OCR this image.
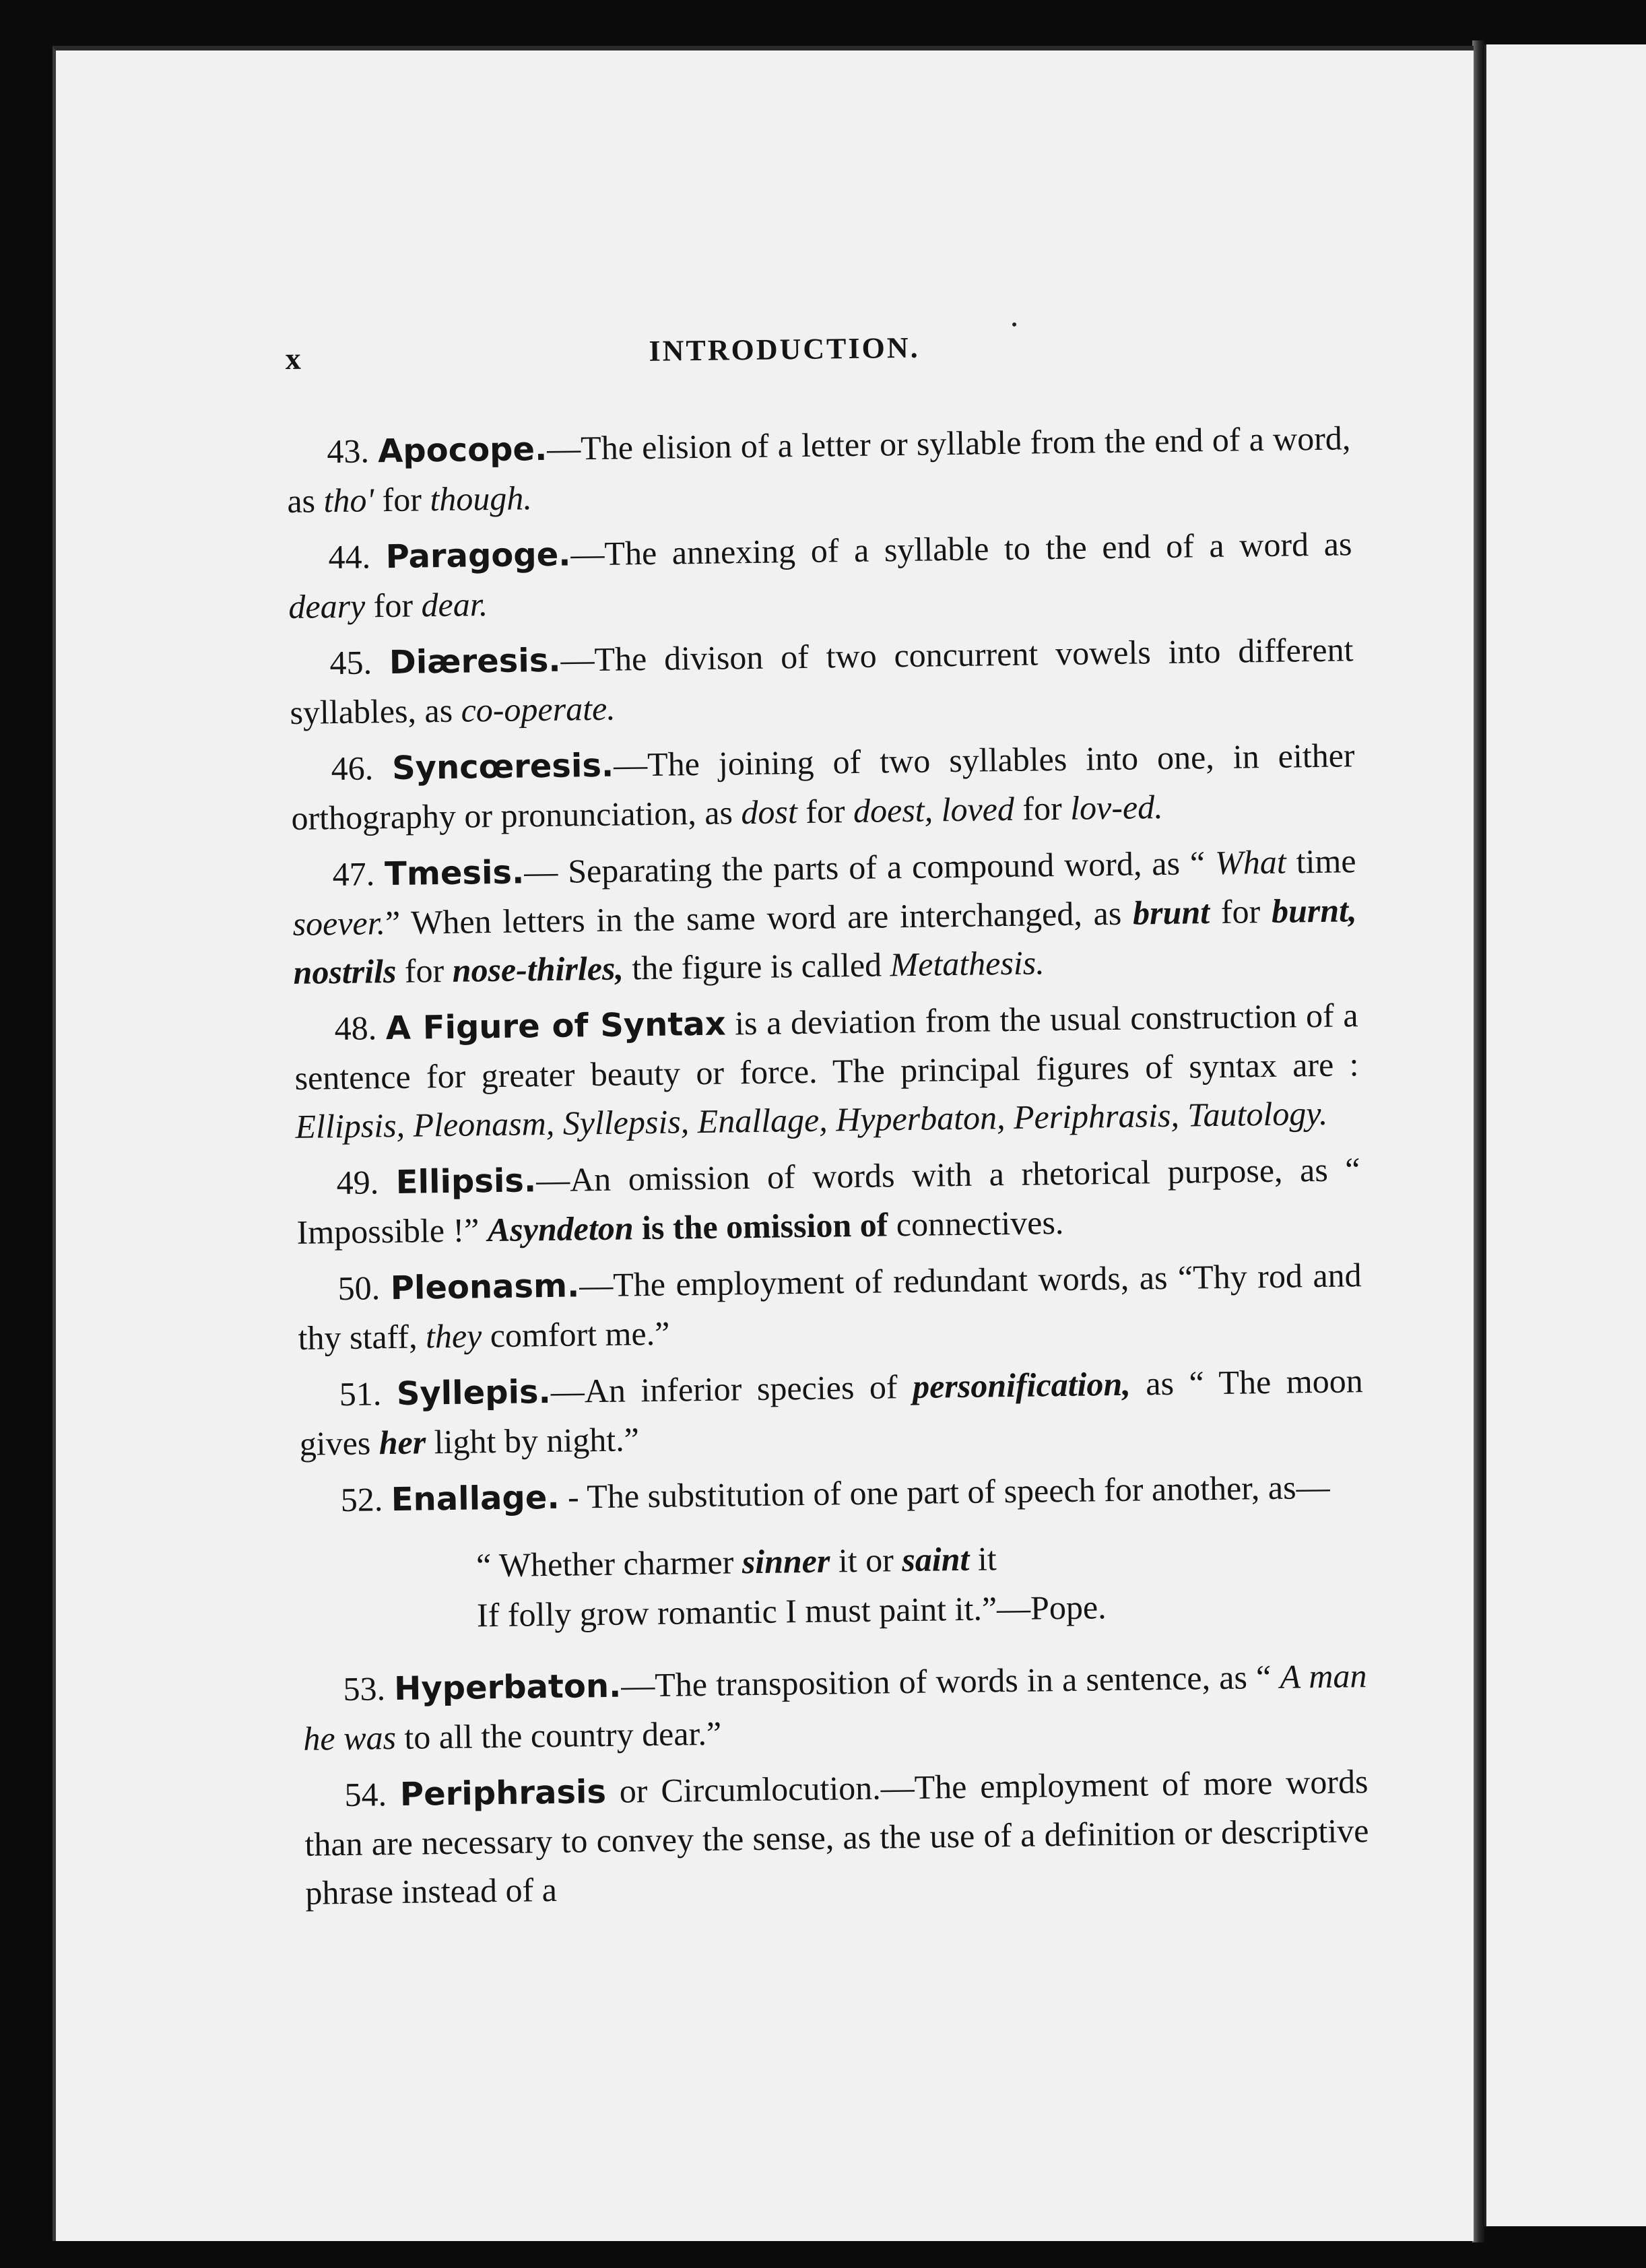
x	INTRODUCTION.

43. Apocope.—The elision of a letter or syllable from the end of a word, as tho' for though.

44. Paragoge.—The annexing of a syllable to the end of a word as deary for dear.

45. Diæresis.—The divison of two concurrent vowels into different syllables, as co-operate.

46. Syncœresis.—The joining of two syllables into one, in either orthography or pronunciation, as dost for doest, loved for lov-ed.

47. Tmesis.— Separating the parts of a compound word, as “ What time soever.” When letters in the same word are interchanged, as brunt for burnt, nostrils for nose-thirles, the figure is called Metathesis.

48. A Figure of Syntax is a deviation from the usual construction of a sentence for greater beauty or force. The principal figures of syntax are : Ellipsis, Pleonasm, Syllepsis, Enallage, Hyperbaton, Periphrasis, Tautology.

49. Ellipsis.—An omission of words with a rhetorical purpose, as “ Impossible !” Asyndeton is the omission of connectives.

50. Pleonasm.—The employment of redundant words, as “Thy rod and thy staff, they comfort me.”

51. Syllepis.—An inferior species of personification, as “ The moon gives her light by night.”

52. Enallage. - The substitution of one part of speech for another, as—

“ Whether charmer sinner it or saint it
If folly grow romantic I must paint it.”—Pope.

53. Hyperbaton.—The transposition of words in a sentence, as “ A man he was to all the country dear.”

54. Periphrasis or Circumlocution.—The employment of more words than are necessary to convey the sense, as the use of a definition or descriptive phrase instead of a
